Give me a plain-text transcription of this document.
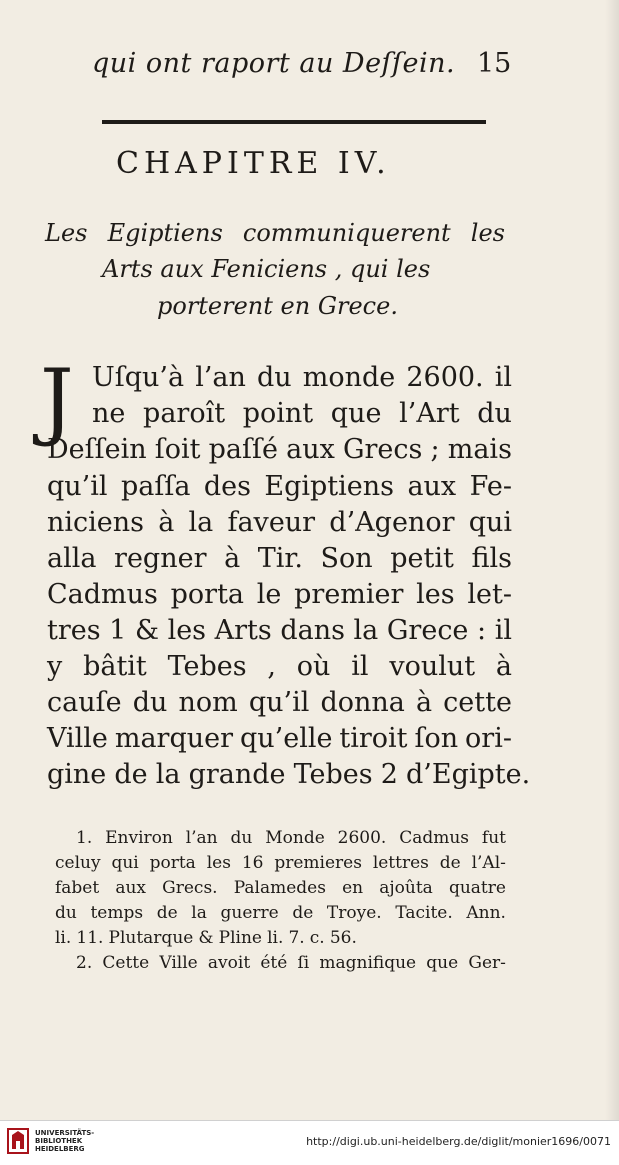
qui ont raport au Deſſein. 15
CHAPITRE IV.
Les Egiptiens communiquerent les
Arts aux Feniciens , qui les
porterent en Grece.
J Uſqu’à l’an du monde 2600. il
ne paroît point que l’Art du
Deſſein ſoit paſſé aux Grecs ; mais
qu’il paſſa des Egiptiens aux Fe-
niciens à la faveur d’Agenor qui
alla regner à Tir. Son petit fils
Cadmus porta le premier les let-
tres 1 & les Arts dans la Grece : il
y bâtit Tebes , où il voulut à
cauſe du nom qu’il donna à cette
Ville marquer qu’elle tiroit ſon ori-
gine de la grande Tebes 2 d’Egipte.
1. Environ l’an du Monde 2600. Cadmus fut
celuy qui porta les 16 premieres lettres de l’Al-
fabet aux Grecs. Palamedes en ajoûta quatre
du temps de la guerre de Troye. Tacite. Ann.
li. 11. Plutarque & Pline li. 7. c. 56.
2. Cette Ville avoit été ſi magnifique que Ger-
UNIVERSITÄTS-
BIBLIOTHEK
HEIDELBERG
http://digi.ub.uni-heidelberg.de/diglit/monier1696/0071
